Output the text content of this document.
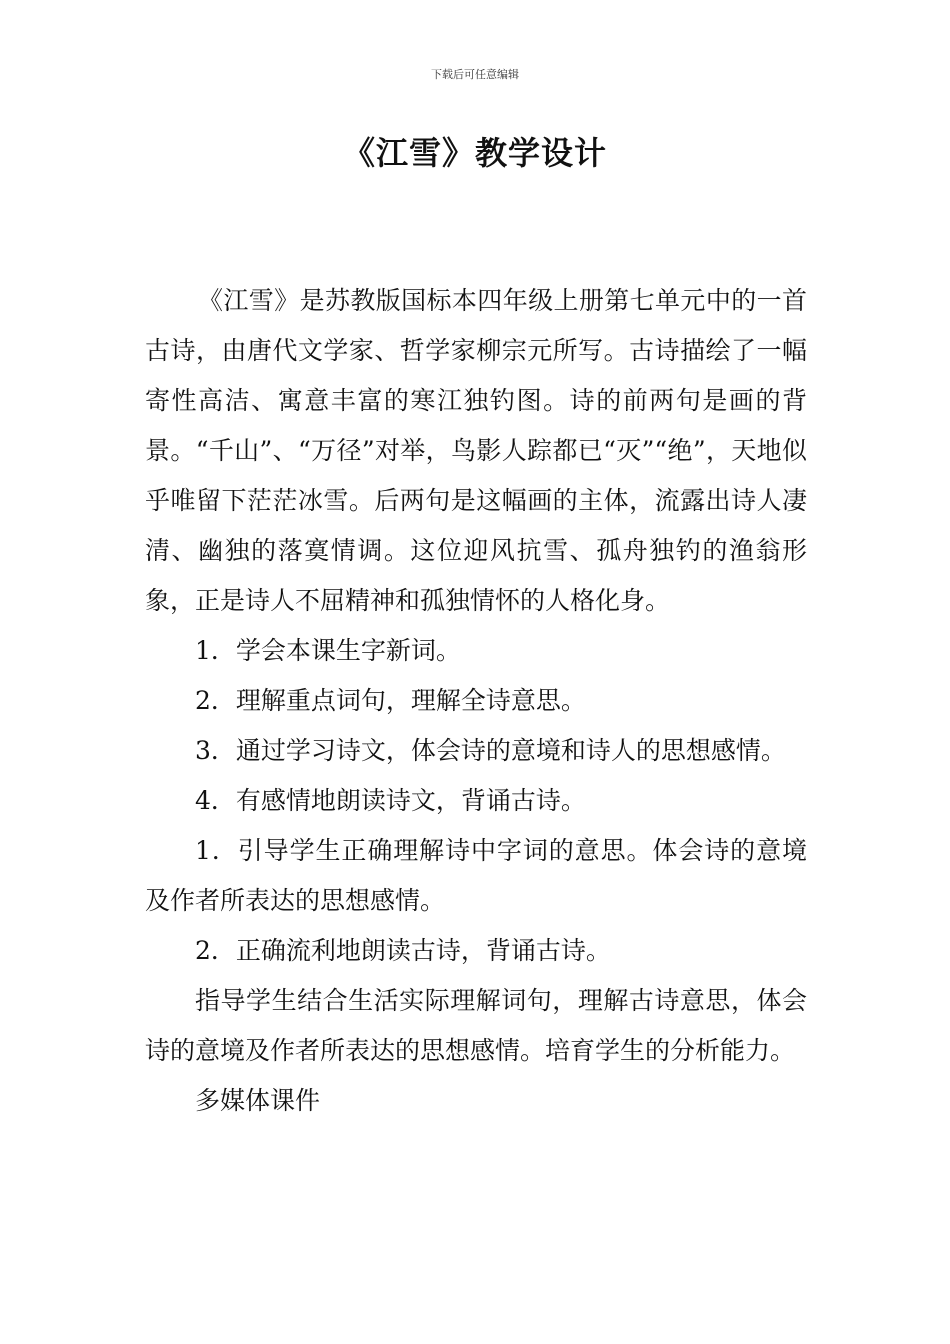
下载后可任意编辑
《江雪》教学设计

《江雪》是苏教版国标本四年级上册第七单元中的一首古诗，由唐代文学家、哲学家柳宗元所写。古诗描绘了一幅寄性高洁、寓意丰富的寒江独钓图。诗的前两句是画的背景。“千山”、“万径”对举，鸟影人踪都已“灭”“绝”，天地似乎唯留下茫茫冰雪。后两句是这幅画的主体，流露出诗人凄清、幽独的落寞情调。这位迎风抗雪、孤舟独钓的渔翁形象，正是诗人不屈精神和孤独情怀的人格化身。

1．学会本课生字新词。

2．理解重点词句，理解全诗意思。

3．通过学习诗文，体会诗的意境和诗人的思想感情。

4．有感情地朗读诗文，背诵古诗。

1．引导学生正确理解诗中字词的意思。体会诗的意境及作者所表达的思想感情。

2．正确流利地朗读古诗，背诵古诗。

指导学生结合生活实际理解词句，理解古诗意思，体会诗的意境及作者所表达的思想感情。培育学生的分析能力。

多媒体课件
